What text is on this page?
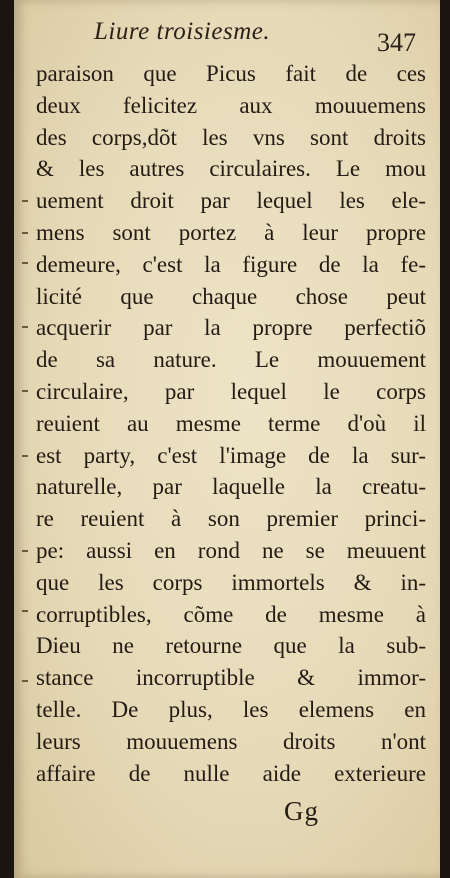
Liure troisiesme.	347
paraison que Picus fait de ces
deux felicitez aux mouuemens
des corps,dõt les vns sont droits
& les autres circulaires. Le mou
uement droit par lequel les ele-
mens sont portez à leur propre
demeure, c'est la figure de la fe-
licité que chaque chose peut
acquerir par la propre perfectiõ
de sa nature. Le mouuement
circulaire, par lequel le corps
reuient au mesme terme d'où il
est party, c'est l'image de la sur-
naturelle, par laquelle la creatu-
re reuient à son premier princi-
pe: aussi en rond ne se meuuent
que les corps immortels & in-
corruptibles, cõme de mesme à
Dieu ne retourne que la sub-
stance incorruptible & immor-
telle. De plus, les elemens en
leurs mouuemens droits n'ont
affaire de nulle aide exterieure
Gg
